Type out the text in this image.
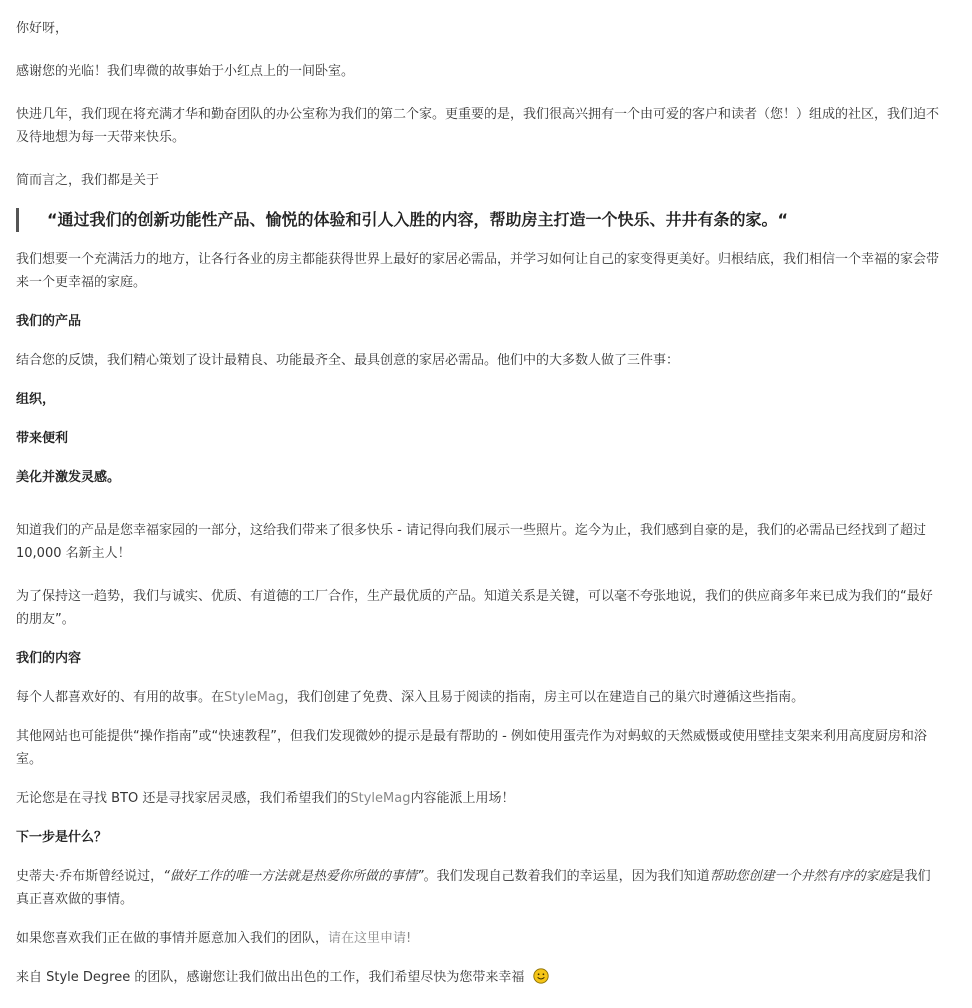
你好呀，

感谢您的光临！我们卑微的故事始于小红点上的一间卧室。

快进几年，我们现在将充满才华和勤奋团队的办公室称为我们的第二个家。更重要的是，我们很高兴拥有一个由可爱的客户和读者（您！）组成的社区，我们迫不及待地想为每一天带来快乐。

简而言之，我们都是关于

“通过我们的创新功能性产品、愉悦的体验和引人入胜的内容，帮助房主打造一个快乐、井井有条的家。“

我们想要一个充满活力的地方，让各行各业的房主都能获得世界上最好的家居必需品，并学习如何让自己的家变得更美好。归根结底，我们相信一个幸福的家会带来一个更幸福的家庭。

我们的产品

结合您的反馈，我们精心策划了设计最精良、功能最齐全、最具创意的家居必需品。他们中的大多数人做了三件事：

组织，

带来便利

美化并激发灵感。

知道我们的产品是您幸福家园的一部分，这给我们带来了很多快乐 - 请记得向我们展示一些照片。迄今为止，我们感到自豪的是，我们的必需品已经找到了超过 10,000 名新主人！

为了保持这一趋势，我们与诚实、优质、有道德的工厂合作，生产最优质的产品。知道关系是关键，可以毫不夸张地说，我们的供应商多年来已成为我们的“最好的朋友”。

我们的内容

每个人都喜欢好的、有用的故事。在StyleMag，我们创建了免费、深入且易于阅读的指南，房主可以在建造自己的巢穴时遵循这些指南。

其他网站也可能提供“操作指南”或“快速教程”，但我们发现微妙的提示是最有帮助的 - 例如使用蛋壳作为对蚂蚁的天然威慑或使用壁挂支架来利用高度厨房和浴室。

无论您是在寻找 BTO 还是寻找家居灵感，我们希望我们的StyleMag内容能派上用场！

下一步是什么？

史蒂夫·乔布斯曾经说过，“做好工作的唯一方法就是热爱你所做的事情”。我们发现自己数着我们的幸运星，因为我们知道帮助您创建一个井然有序的家庭是我们真正喜欢做的事情。

如果您喜欢我们正在做的事情并愿意加入我们的团队，请在这里申请!

来自 Style Degree 的团队，感谢您让我们做出出色的工作，我们希望尽快为您带来幸福
